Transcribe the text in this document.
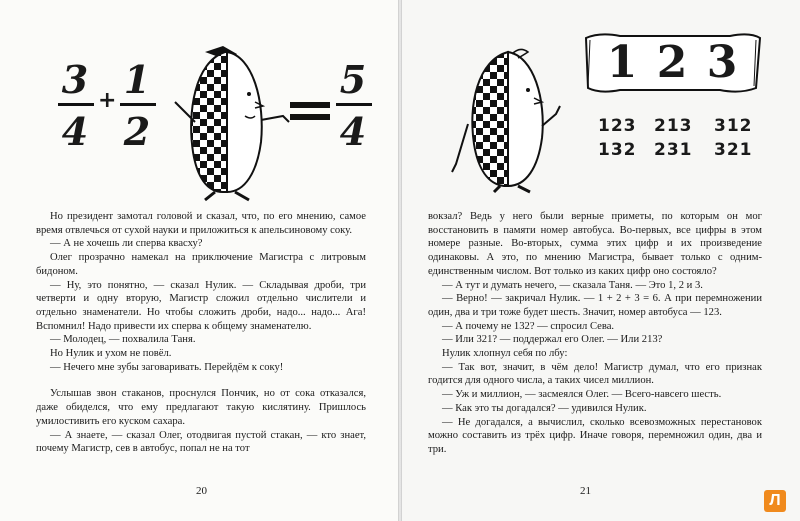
3
4
+ 1
2
5
4

Но президент замотал головой и сказал, что, по его мнению, самое время отвлечься от сухой науки и приложиться к апельсиновому соку.

— А не хочешь ли сперва квасху?

Олег прозрачно намекал на приключение Магистра с литровым бидоном.

— Ну, это понятно, — сказал Нулик. — Складывая дроби, три четверти и одну вторую, Магистр сложил отдельно числители и отдельно знаменатели. Но чтобы сложить дроби, надо... надо... Ага! Вспомнил! Надо привести их сперва к общему знаменателю.

— Молодец, — похвалила Таня.

Но Нулик и ухом не повёл.

— Нечего мне зубы заговаривать. Перейдём к соку!

Услышав звон стаканов, проснулся Пончик, но от сока отказался, даже обиделся, что ему предлагают такую кислятину. Пришлось умилостивить его куском сахара.

— А знаете, — сказал Олег, отодвигая пустой стакан, — кто знает, почему Магистр, сев в автобус, попал не на тот

20
1 2 3
123 213 312
132 231 321

вокзал? Ведь у него были верные приметы, по которым он мог восстановить в памяти номер автобуса. Во-первых, все цифры в этом номере разные. Во-вторых, сумма этих цифр и их произведение одинаковы. А это, по мнению Магистра, бывает только с одним-единственным числом. Вот только из каких цифр оно состояло?

— А тут и думать нечего, — сказала Таня. — Это 1, 2 и 3.

— Верно! — закричал Нулик. — 1 + 2 + 3 = 6. А при перемножении один, два и три тоже будет шесть. Значит, номер автобуса — 123.

— А почему не 132? — спросил Сева.

— Или 321? — поддержал его Олег. — Или 213?

Нулик хлопнул себя по лбу:

— Так вот, значит, в чём дело! Магистр думал, что его признак годится для одного числа, а таких чисел миллион.

— Уж и миллион, — засмеялся Олег. — Всего-навсего шесть.

— Как это ты догадался? — удивился Нулик.

— Не догадался, а вычислил, сколько всевозможных перестановок можно составить из трёх цифр. Иначе говоря, перемножил один, два и три.

21
Л
